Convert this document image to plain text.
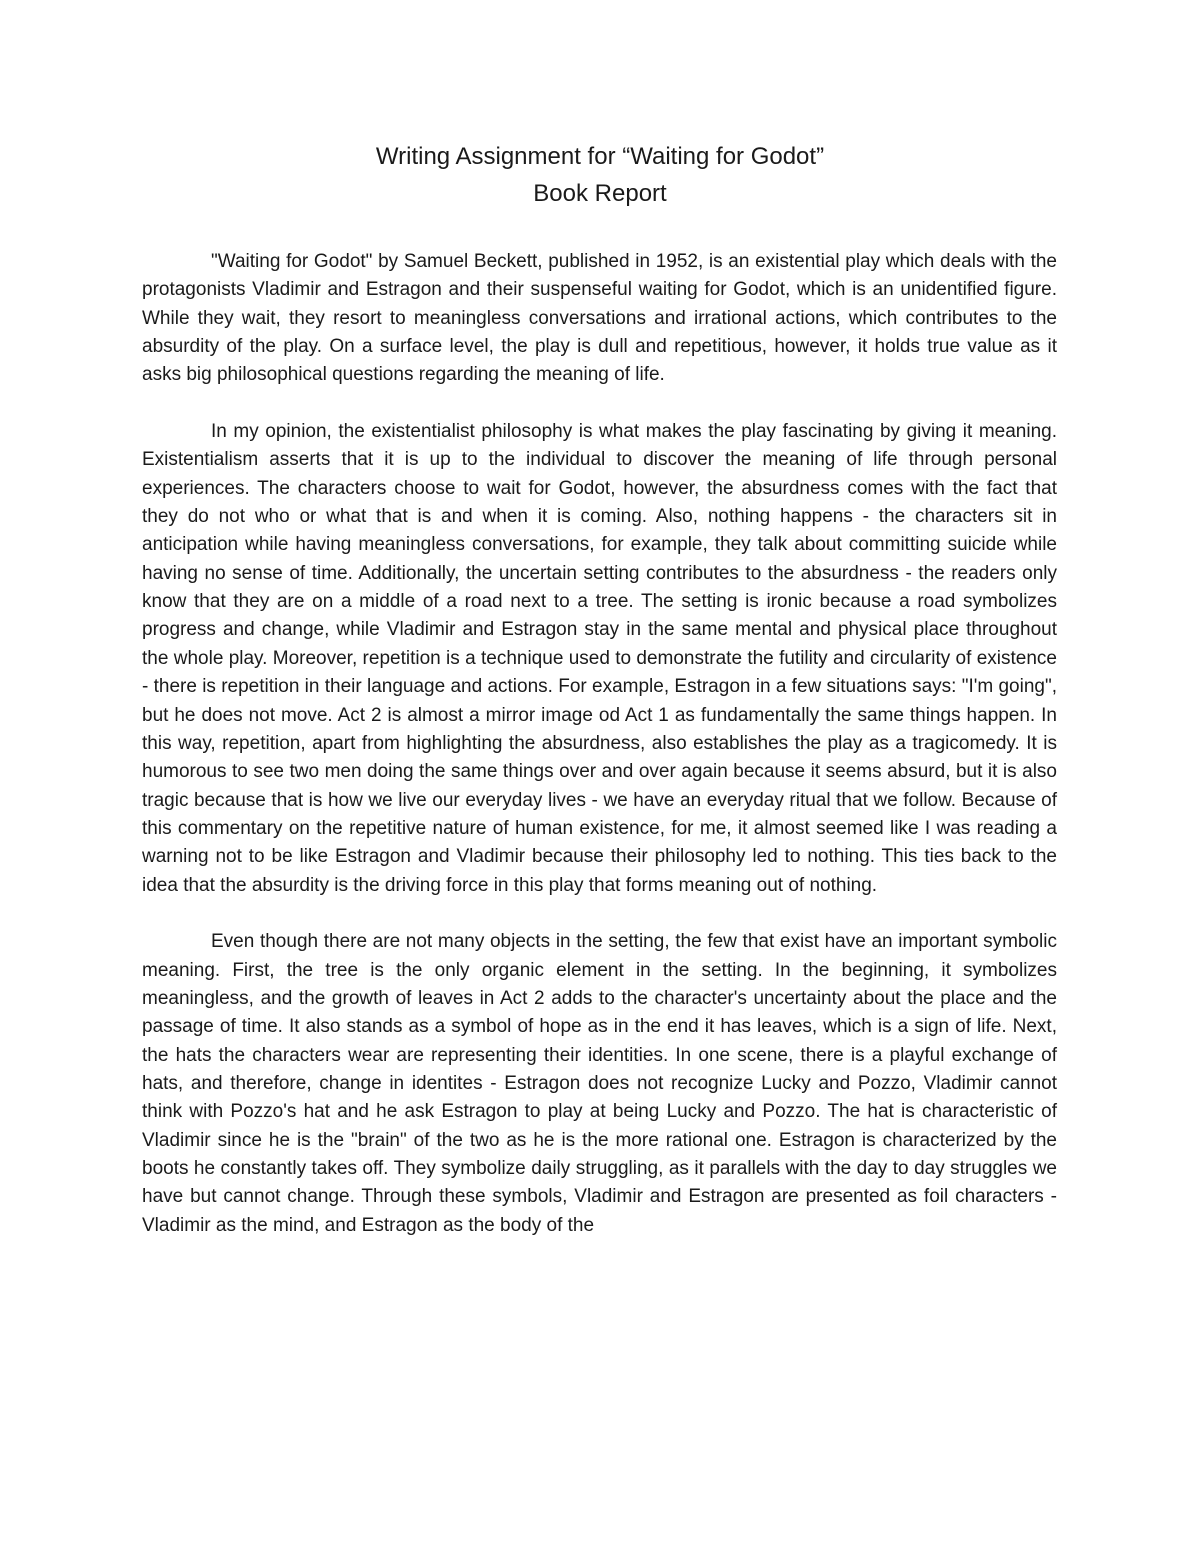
Writing Assignment for “Waiting for Godot”
Book Report

"Waiting for Godot" by Samuel Beckett, published in 1952, is an existential play which deals with the protagonists Vladimir and Estragon and their suspenseful waiting for Godot, which is an unidentified figure. While they wait, they resort to meaningless conversations and irrational actions, which contributes to the absurdity of the play. On a surface level, the play is dull and repetitious, however, it holds true value as it asks big philosophical questions regarding the meaning of life.

In my opinion, the existentialist philosophy is what makes the play fascinating by giving it meaning. Existentialism asserts that it is up to the individual to discover the meaning of life through personal experiences. The characters choose to wait for Godot, however, the absurdness comes with the fact that they do not who or what that is and when it is coming. Also, nothing happens - the characters sit in anticipation while having meaningless conversations, for example, they talk about committing suicide while having no sense of time. Additionally, the uncertain setting contributes to the absurdness - the readers only know that they are on a middle of a road next to a tree. The setting is ironic because a road symbolizes progress and change, while Vladimir and Estragon stay in the same mental and physical place throughout the whole play. Moreover, repetition is a technique used to demonstrate the futility and circularity of existence - there is repetition in their language and actions. For example, Estragon in a few situations says: "I'm going", but he does not move. Act 2 is almost a mirror image od Act 1 as fundamentally the same things happen. In this way, repetition, apart from highlighting the absurdness, also establishes the play as a tragicomedy. It is humorous to see two men doing the same things over and over again because it seems absurd, but it is also tragic because that is how we live our everyday lives - we have an everyday ritual that we follow. Because of this commentary on the repetitive nature of human existence, for me, it almost seemed like I was reading a warning not to be like Estragon and Vladimir because their philosophy led to nothing. This ties back to the idea that the absurdity is the driving force in this play that forms meaning out of nothing.

Even though there are not many objects in the setting, the few that exist have an important symbolic meaning. First, the tree is the only organic element in the setting. In the beginning, it symbolizes meaningless, and the growth of leaves in Act 2 adds to the character's uncertainty about the place and the passage of time. It also stands as a symbol of hope as in the end it has leaves, which is a sign of life. Next, the hats the characters wear are representing their identities. In one scene, there is a playful exchange of hats, and therefore, change in identites - Estragon does not recognize Lucky and Pozzo, Vladimir cannot think with Pozzo's hat and he ask Estragon to play at being Lucky and Pozzo. The hat is characteristic of Vladimir since he is the "brain" of the two as he is the more rational one. Estragon is characterized by the boots he constantly takes off. They symbolize daily struggling, as it parallels with the day to day struggles we have but cannot change. Through these symbols, Vladimir and Estragon are presented as foil characters - Vladimir as the mind, and Estragon as the body of the
